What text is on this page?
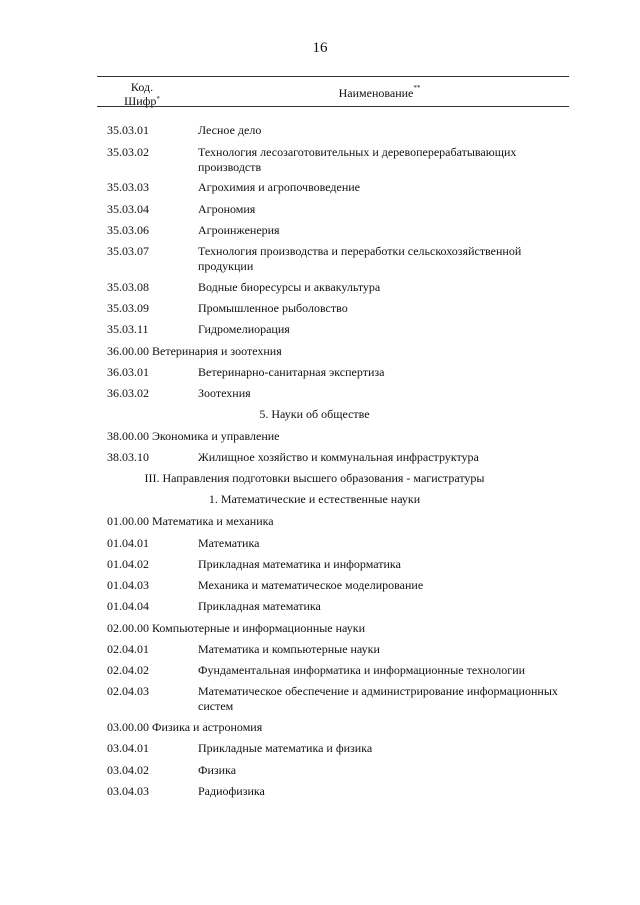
16
Код.
Шифр*	Наименование**
35.03.01	Лесное дело
35.03.02	Технология лесозаготовительных и деревоперерабатывающих производств
35.03.03	Агрохимия и агропочвоведение
35.03.04	Агрономия
35.03.06	Агроинженерия
35.03.07	Технология производства и переработки сельскохозяйственной продукции
35.03.08	Водные биоресурсы и аквакультура
35.03.09	Промышленное рыболовство
35.03.11	Гидромелиорация
36.00.00 Ветеринария и зоотехния
36.03.01	Ветеринарно-санитарная экспертиза
36.03.02	Зоотехния
5. Науки об обществе
38.00.00 Экономика и управление
38.03.10	Жилищное хозяйство и коммунальная инфраструктура
III. Направления подготовки высшего образования - магистратуры
1. Математические и естественные науки
01.00.00 Математика и механика
01.04.01	Математика
01.04.02	Прикладная математика и информатика
01.04.03	Механика и математическое моделирование
01.04.04	Прикладная математика
02.00.00 Компьютерные и информационные науки
02.04.01	Математика и компьютерные науки
02.04.02	Фундаментальная информатика и информационные технологии
02.04.03	Математическое обеспечение и администрирование информационных систем
03.00.00 Физика и астрономия
03.04.01	Прикладные математика и физика
03.04.02	Физика
03.04.03	Радиофизика
